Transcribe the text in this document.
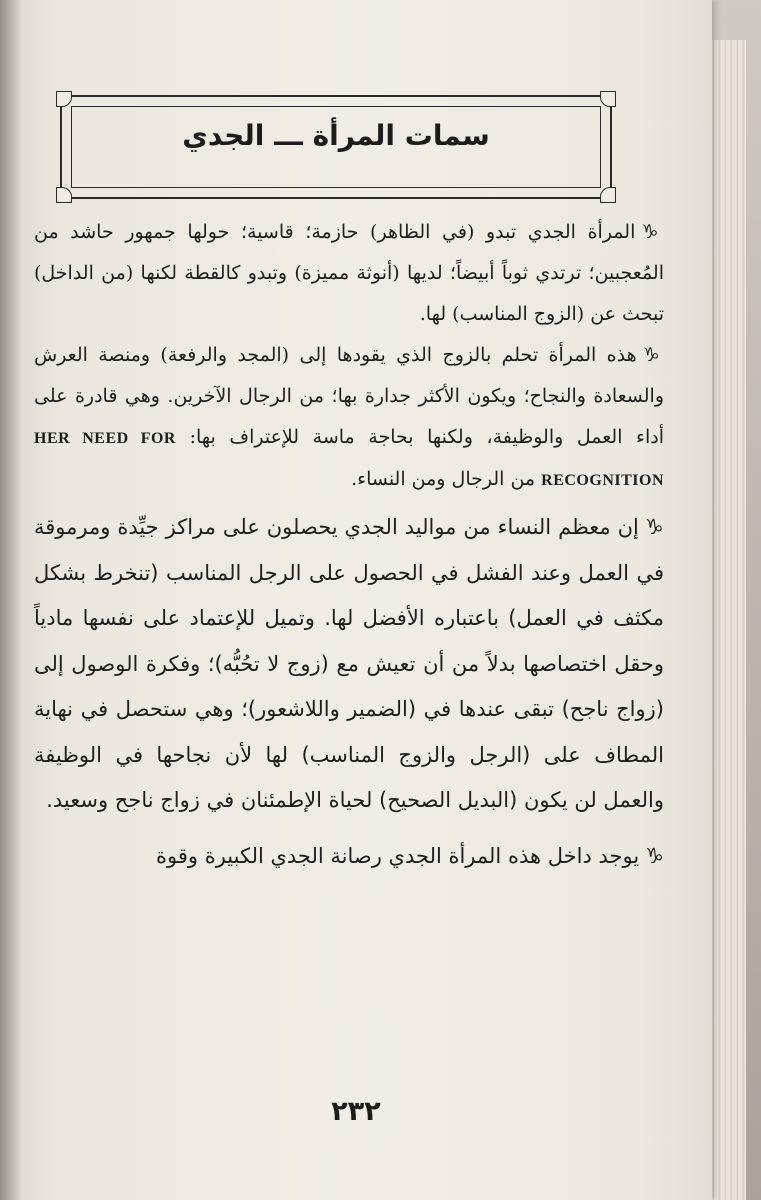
سمات المرأة ـــ الجدي

♑المرأة الجدي تبدو (في الظاهر) حازمة؛ قاسية؛ حولها جمهور حاشد من المُعجبين؛ ترتدي ثوباً أبيضاً؛ لديها (أنوثة مميزة) وتبدو كالقطة لكنها (من الداخل) تبحث عن (الزوج المناسب) لها.

♑هذه المرأة تحلم بالزوج الذي يقودها إلى (المجد والرفعة) ومنصة العرش والسعادة والنجاح؛ ويكون الأكثر جدارة بها؛ من الرجال الآخرين. وهي قادرة على أداء العمل والوظيفة، ولكنها بحاجة ماسة للإعتراف بها: HER NEED FOR RECOGNITION من الرجال ومن النساء.

♑إن معظم النساء من مواليد الجدي يحصلون على مراكز جيِّدة ومرموقة في العمل وعند الفشل في الحصول على الرجل المناسب (تنخرط بشكل مكثف في العمل) باعتباره الأفضل لها. وتميل للإعتماد على نفسها مادياً وحقل اختصاصها بدلاً من أن تعيش مع (زوج لا تحُبُّه)؛ وفكرة الوصول إلى (زواج ناجح) تبقى عندها في (الضمير واللاشعور)؛ وهي ستحصل في نهاية المطاف على (الرجل والزوج المناسب) لها لأن نجاحها في الوظيفة والعمل لن يكون (البديل الصحيح) لحياة الإطمئنان في زواج ناجح وسعيد.

♑يوجد داخل هذه المرأة الجدي رصانة الجدي الكبيرة وقوة

٢٣٢
